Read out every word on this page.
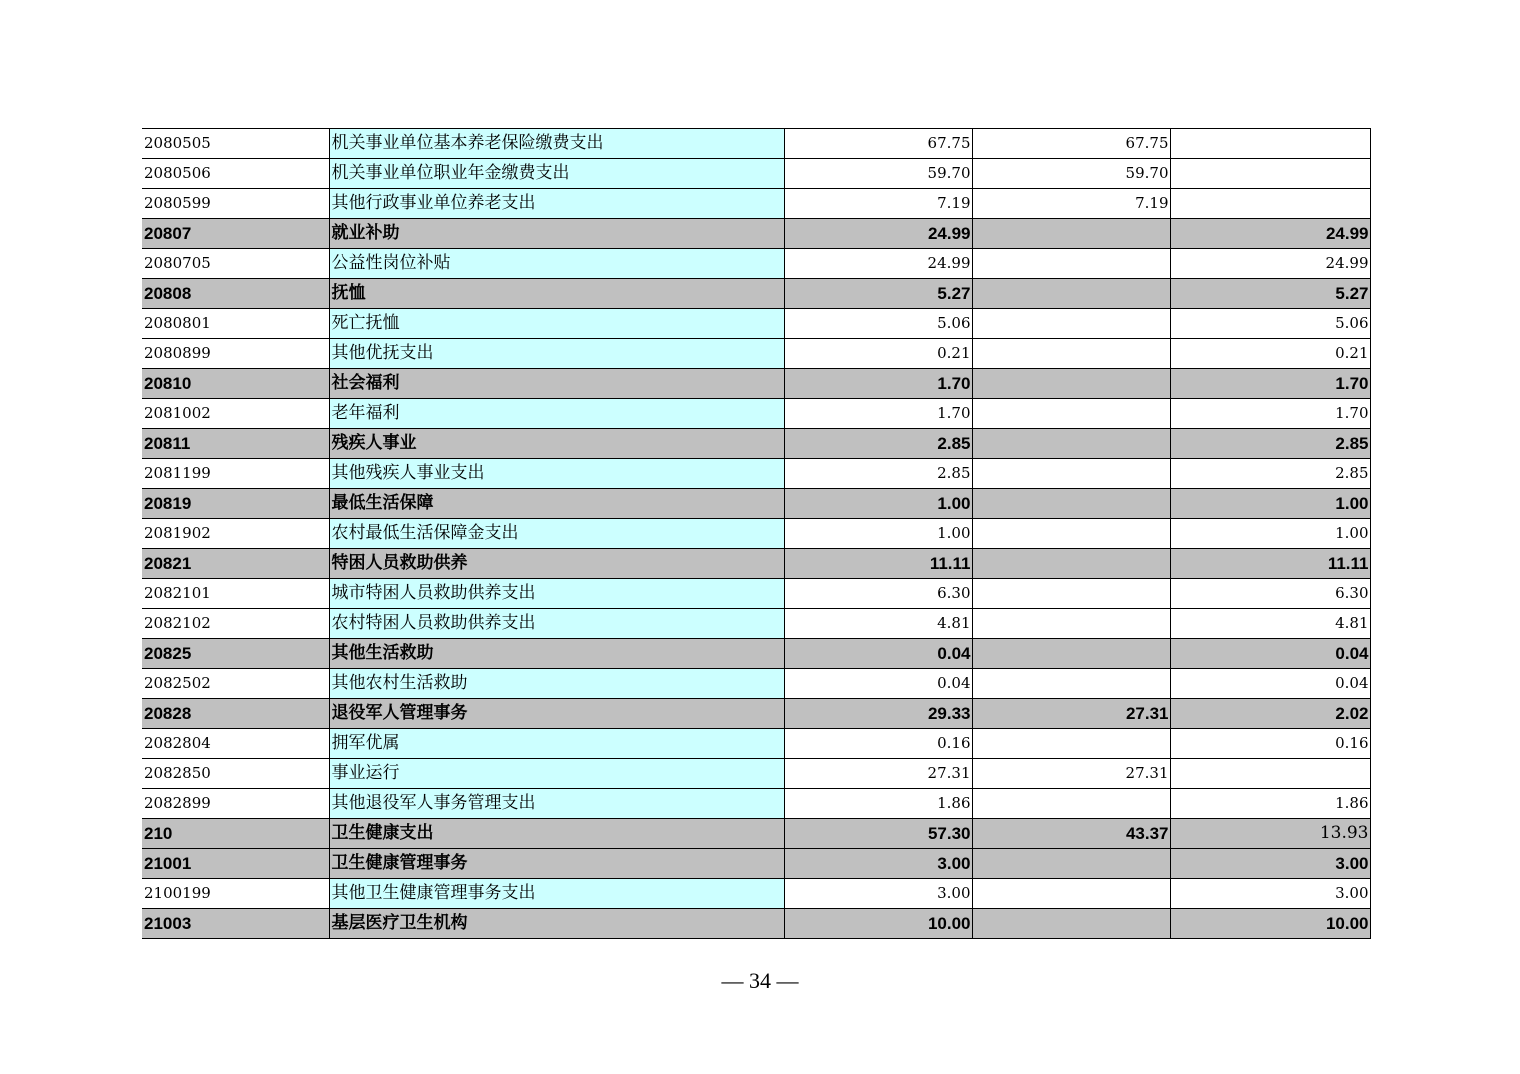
2080505	机关事业单位基本养老保险缴费支出	67.75	67.75	
2080506	机关事业单位职业年金缴费支出	59.70	59.70	
2080599	其他行政事业单位养老支出	7.19	7.19	
20807	就业补助	24.99		24.99
2080705	公益性岗位补贴	24.99		24.99
20808	抚恤	5.27		5.27
2080801	死亡抚恤	5.06		5.06
2080899	其他优抚支出	0.21		0.21
20810	社会福利	1.70		1.70
2081002	老年福利	1.70		1.70
20811	残疾人事业	2.85		2.85
2081199	其他残疾人事业支出	2.85		2.85
20819	最低生活保障	1.00		1.00
2081902	农村最低生活保障金支出	1.00		1.00
20821	特困人员救助供养	11.11		11.11
2082101	城市特困人员救助供养支出	6.30		6.30
2082102	农村特困人员救助供养支出	4.81		4.81
20825	其他生活救助	0.04		0.04
2082502	其他农村生活救助	0.04		0.04
20828	退役军人管理事务	29.33	27.31	2.02
2082804	拥军优属	0.16		0.16
2082850	事业运行	27.31	27.31	
2082899	其他退役军人事务管理支出	1.86		1.86
210	卫生健康支出	57.30	43.37	13.93
21001	卫生健康管理事务	3.00		3.00
2100199	其他卫生健康管理事务支出	3.00		3.00
21003	基层医疗卫生机构	10.00		10.00
— 34 —
